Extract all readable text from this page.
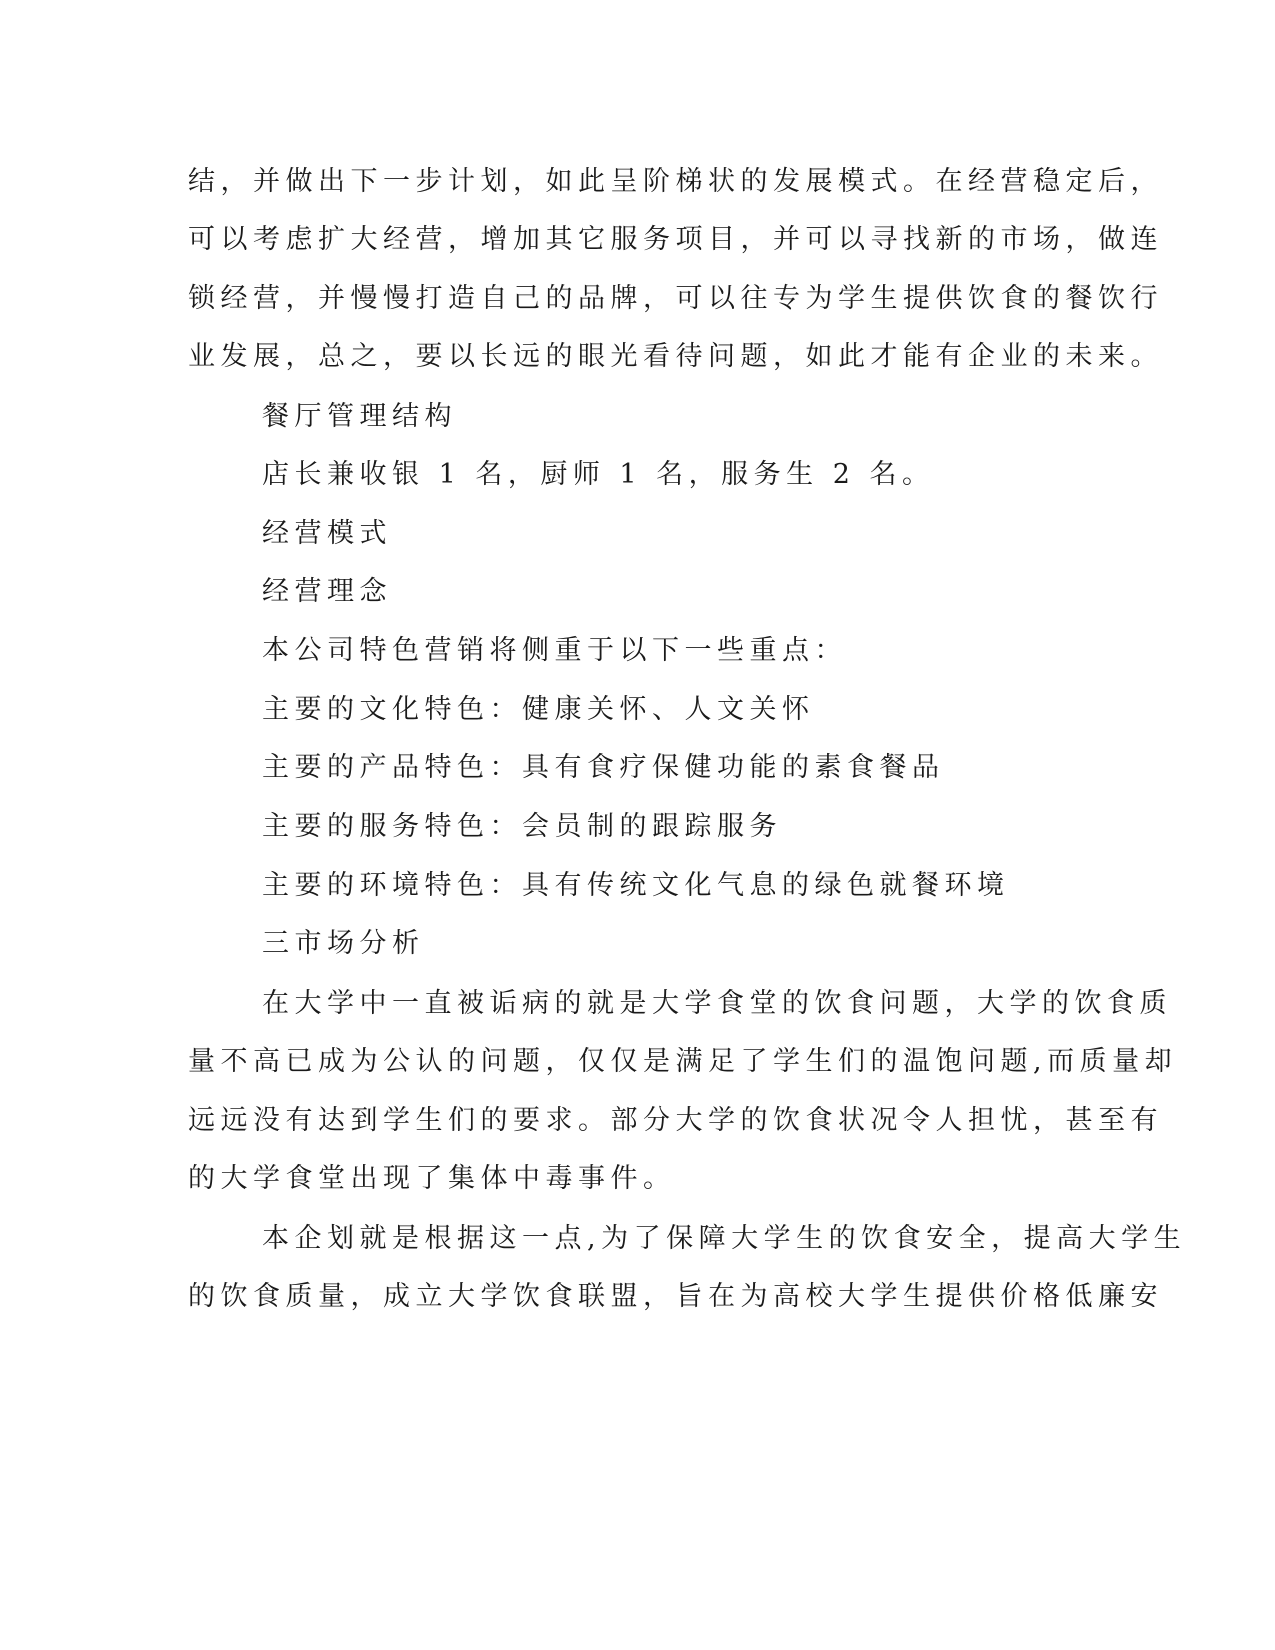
结，并做出下一步计划，如此呈阶梯状的发展模式。在经营稳定后，
可以考虑扩大经营，增加其它服务项目，并可以寻找新的市场，做连
锁经营，并慢慢打造自己的品牌，可以往专为学生提供饮食的餐饮行
业发展，总之，要以长远的眼光看待问题，如此才能有企业的未来。
餐厅管理结构
店长兼收银 1 名，厨师 1 名，服务生 2 名。
经营模式
经营理念
本公司特色营销将侧重于以下一些重点：
主要的文化特色：健康关怀、人文关怀
主要的产品特色：具有食疗保健功能的素食餐品
主要的服务特色：会员制的跟踪服务
主要的环境特色：具有传统文化气息的绿色就餐环境
三市场分析
在大学中一直被诟病的就是大学食堂的饮食问题，大学的饮食质
量不高已成为公认的问题，仅仅是满足了学生们的温饱问题,而质量却
远远没有达到学生们的要求。部分大学的饮食状况令人担忧，甚至有
的大学食堂出现了集体中毒事件。
本企划就是根据这一点,为了保障大学生的饮食安全，提高大学生
的饮食质量，成立大学饮食联盟，旨在为高校大学生提供价格低廉安
